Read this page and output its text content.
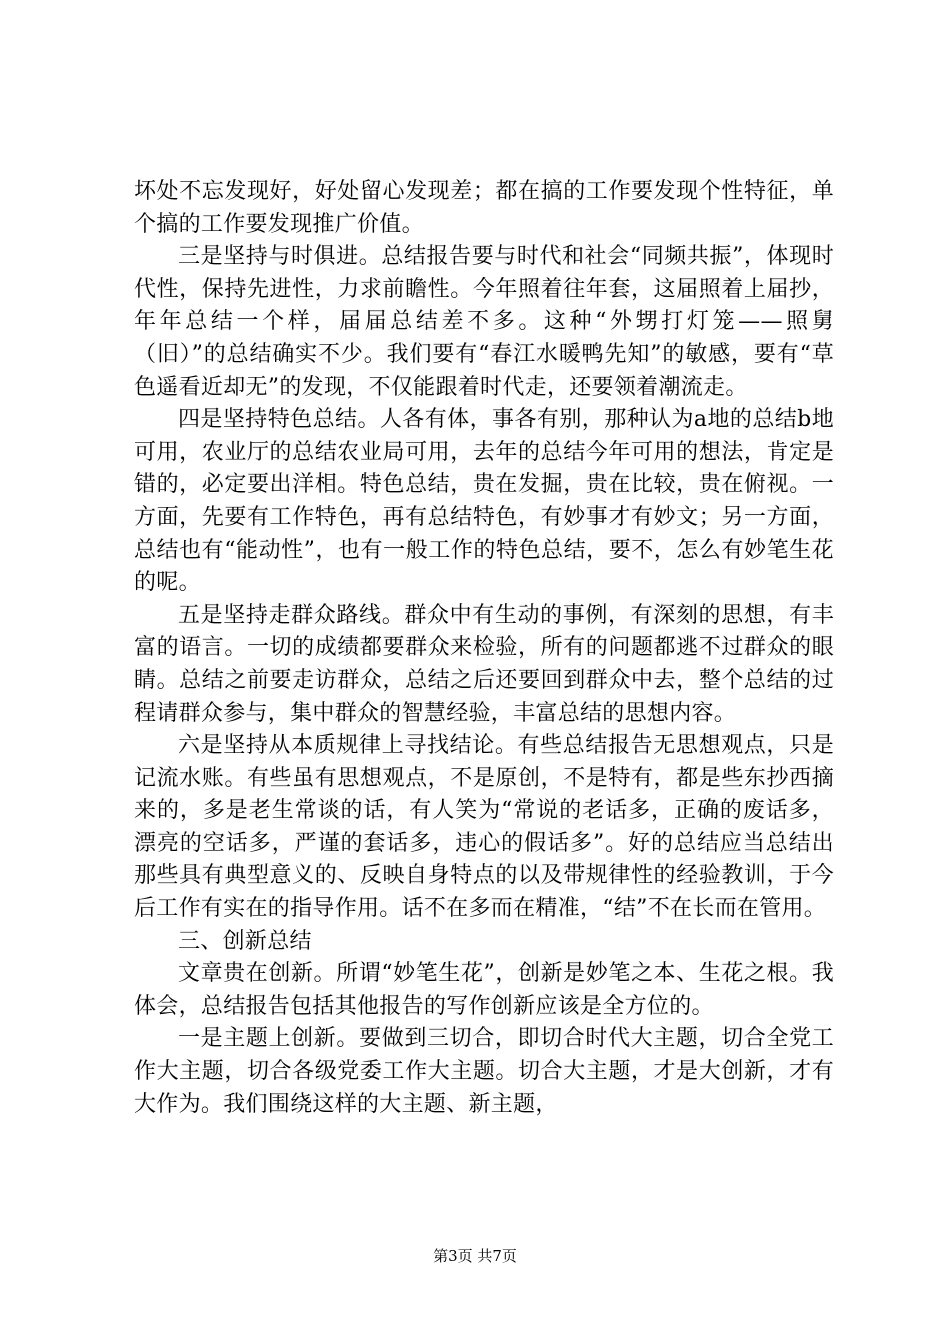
坏处不忘发现好，好处留心发现差；都在搞的工作要发现个性特征，单个搞的工作要发现推广价值。

三是坚持与时俱进。总结报告要与时代和社会“同频共振”，体现时代性，保持先进性，力求前瞻性。今年照着往年套，这届照着上届抄，年年总结一个样，届届总结差不多。这种“外甥打灯笼——照舅（旧）”的总结确实不少。我们要有“春江水暖鸭先知”的敏感，要有“草色遥看近却无”的发现，不仅能跟着时代走，还要领着潮流走。

四是坚持特色总结。人各有体，事各有别，那种认为a地的总结b地可用，农业厅的总结农业局可用，去年的总结今年可用的想法，肯定是错的，必定要出洋相。特色总结，贵在发掘，贵在比较，贵在俯视。一方面，先要有工作特色，再有总结特色，有妙事才有妙文；另一方面，总结也有“能动性”，也有一般工作的特色总结，要不，怎么有妙笔生花的呢。

五是坚持走群众路线。群众中有生动的事例，有深刻的思想，有丰富的语言。一切的成绩都要群众来检验，所有的问题都逃不过群众的眼睛。总结之前要走访群众，总结之后还要回到群众中去，整个总结的过程请群众参与，集中群众的智慧经验，丰富总结的思想内容。

六是坚持从本质规律上寻找结论。有些总结报告无思想观点，只是记流水账。有些虽有思想观点，不是原创，不是特有，都是些东抄西摘来的，多是老生常谈的话，有人笑为“常说的老话多，正确的废话多，漂亮的空话多，严谨的套话多，违心的假话多”。好的总结应当总结出那些具有典型意义的、反映自身特点的以及带规律性的经验教训，于今后工作有实在的指导作用。话不在多而在精准，“结”不在长而在管用。

三、创新总结

文章贵在创新。所谓“妙笔生花”，创新是妙笔之本、生花之根。我体会，总结报告包括其他报告的写作创新应该是全方位的。

一是主题上创新。要做到三切合，即切合时代大主题，切合全党工作大主题，切合各级党委工作大主题。切合大主题，才是大创新，才有大作为。我们围绕这样的大主题、新主题，

第3页 共7页
